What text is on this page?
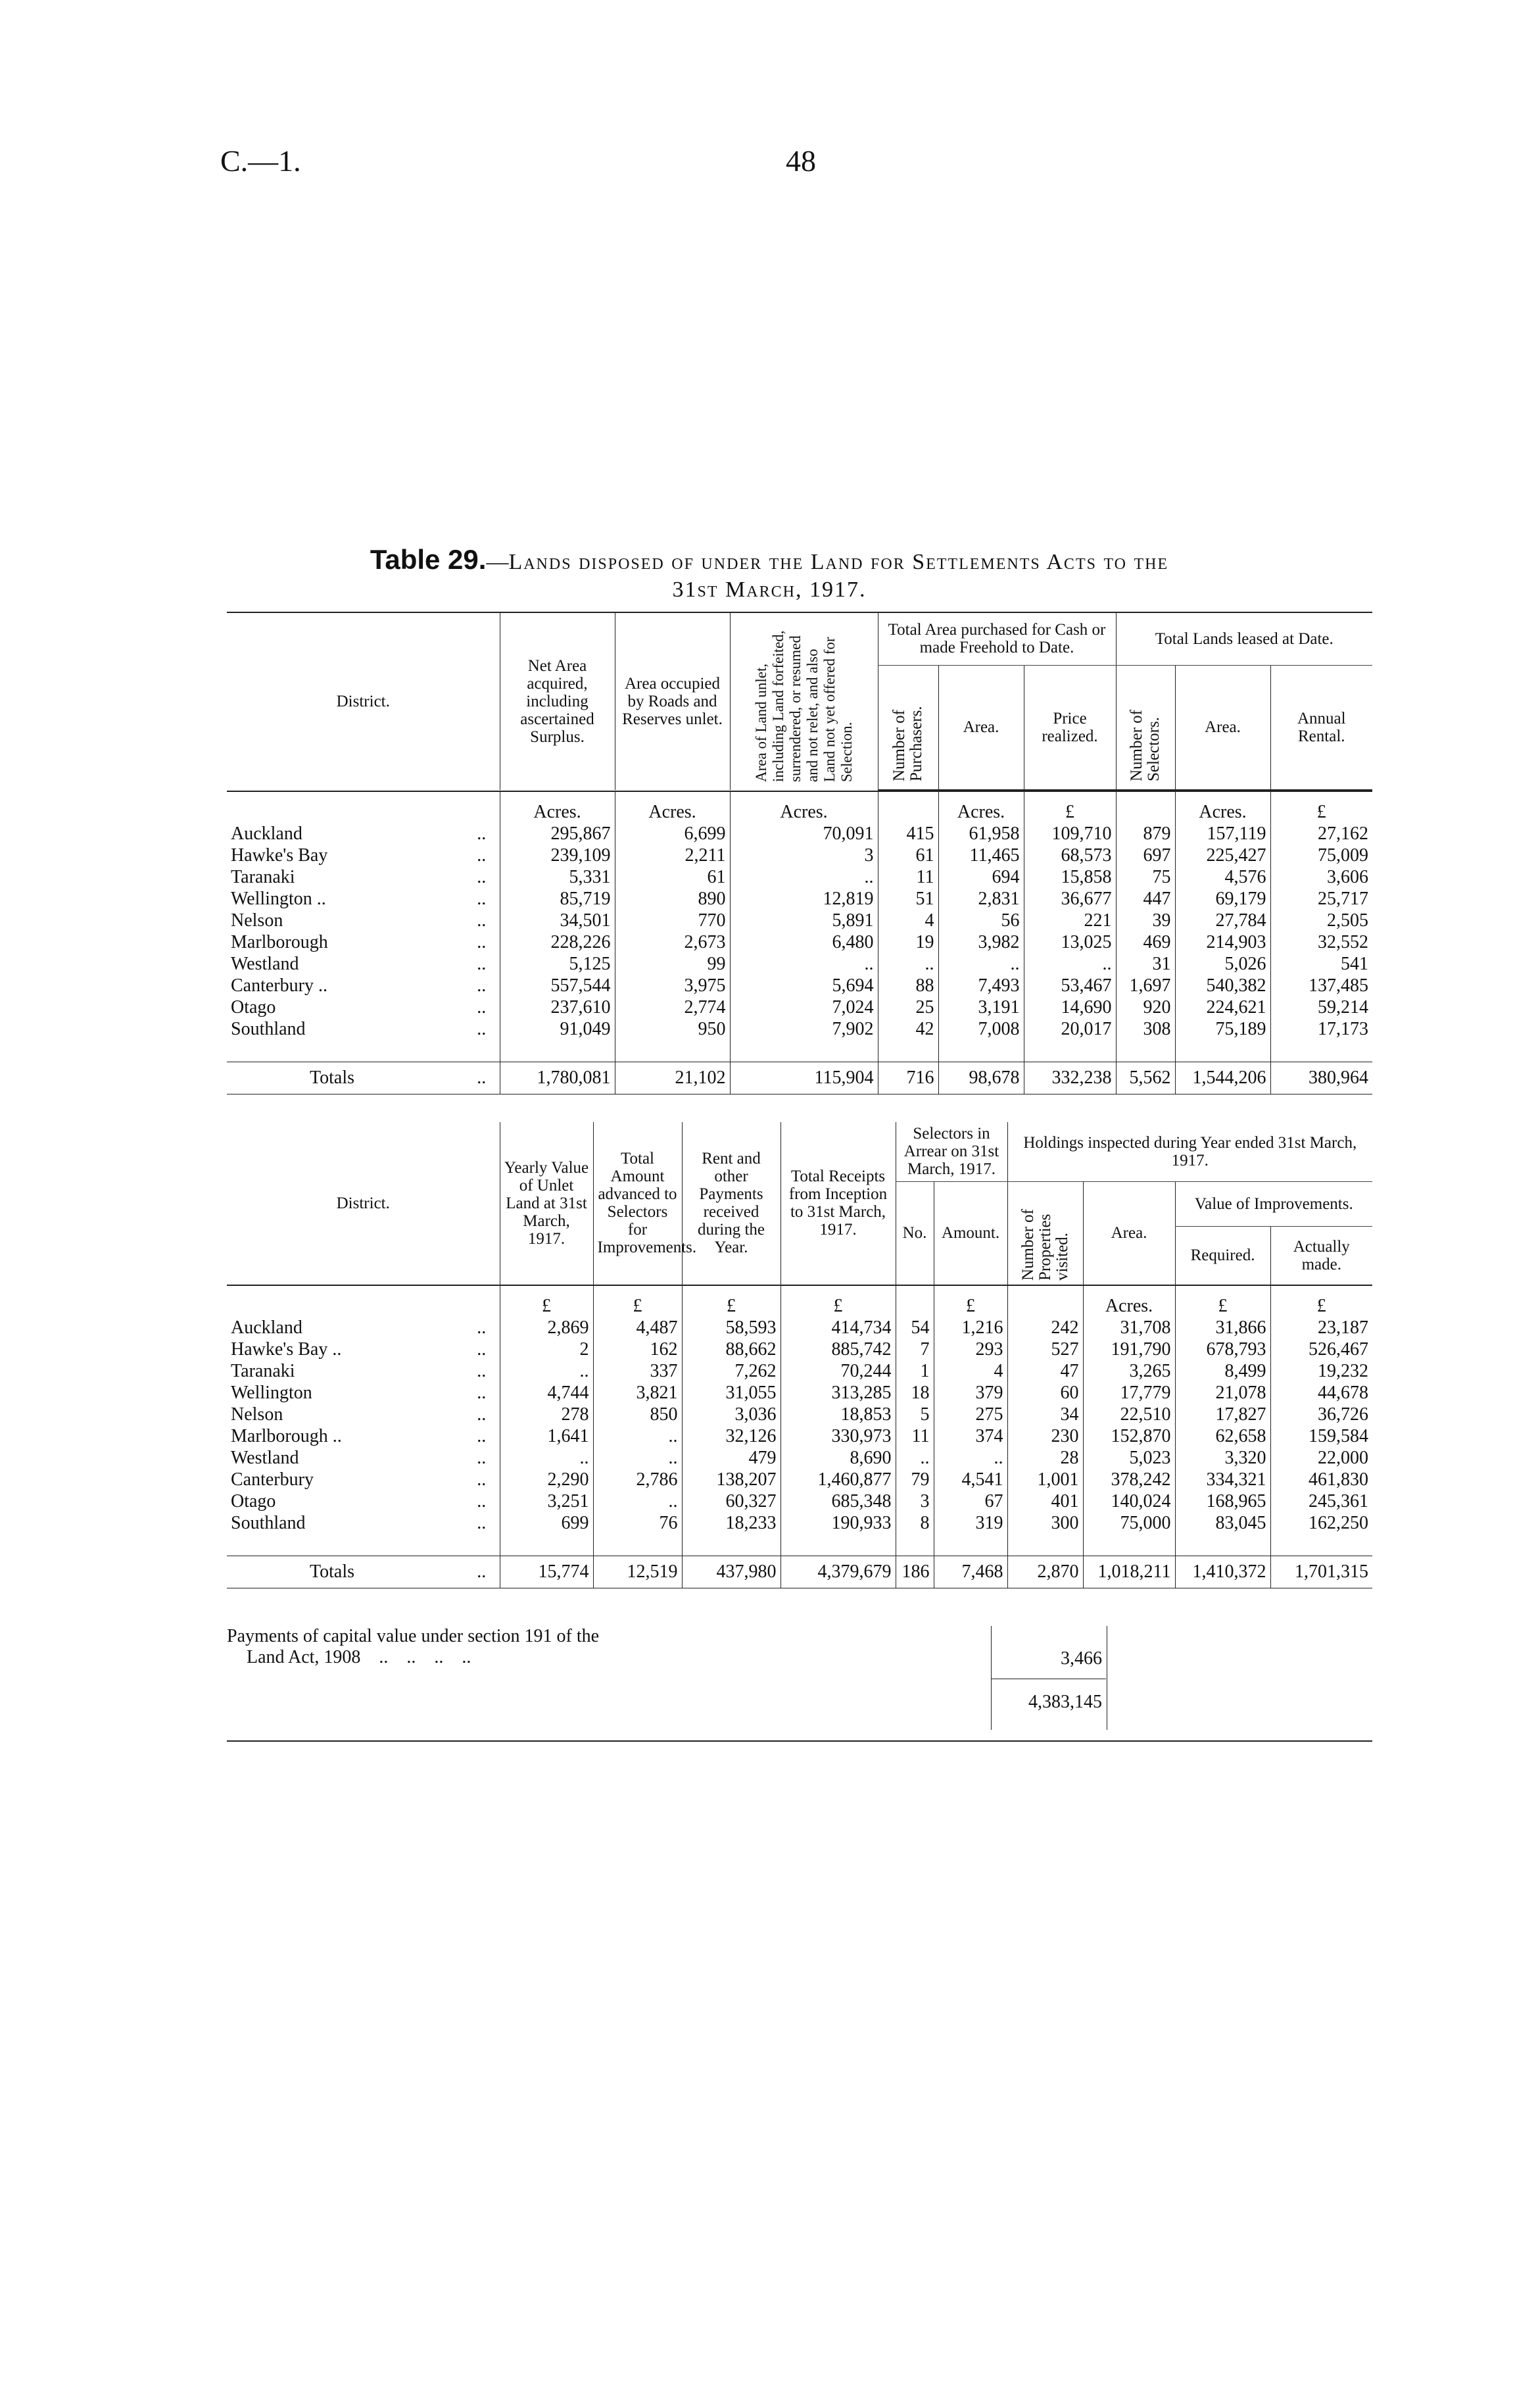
C.—1.	48
Table 29.—Lands disposed of under the Land for Settlements Acts to the
31st March, 1917.
District.		Net Area acquired, including ascertained Surplus.	Area occupied by Roads and Reserves unlet.	Area of Land unlet, including Land forfeited, surrendered, or resumed and not relet, and also Land not yet offered for Selection.	Total Area purchased for Cash or made Freehold to Date.			Total Lands leased at Date.		
					Number of Purchasers.	Area.	Price realized.	Number of Selectors.	Area.	Annual Rental.

		Acres.	Acres.	Acres.		Acres.	£		Acres.	£
Auckland	..	295,867	6,699	70,091	415	61,958	109,710	879	157,119	27,162
Hawke's Bay	..	239,109	2,211	3	61	11,465	68,573	697	225,427	75,009
Taranaki	..	5,331	61	..	11	694	15,858	75	4,576	3,606
Wellington ..	..	85,719	890	12,819	51	2,831	36,677	447	69,179	25,717
Nelson	..	34,501	770	5,891	4	56	221	39	27,784	2,505
Marlborough	..	228,226	2,673	6,480	19	3,982	13,025	469	214,903	32,552
Westland	..	5,125	99	..	..	..	..	31	5,026	541
Canterbury ..	..	557,544	3,975	5,694	88	7,493	53,467	1,697	540,382	137,485
Otago	..	237,610	2,774	7,024	25	3,191	14,690	920	224,621	59,214
Southland	..	91,049	950	7,902	42	7,008	20,017	308	75,189	17,173

Totals	..	1,780,081	21,102	115,904	716	98,678	332,238	5,562	1,544,206	380,964
District.		Yearly Value of Unlet Land at 31st March, 1917.	Total Amount advanced to Selectors for Improvements.	Rent and other Payments received during the Year.	Total Receipts from Inception to 31st March, 1917.	Selectors in Arrear on 31st March, 1917.		Holdings inspected during Year ended 31st March, 1917.			
						No.	Amount.	Number of Properties visited.	Area.	Value of Improvements.	
										Required.	Actually made.

		£	£	£	£		£		Acres.	£	£
Auckland	..	2,869	4,487	58,593	414,734	54	1,216	242	31,708	31,866	23,187
Hawke's Bay ..	..	2	162	88,662	885,742	7	293	527	191,790	678,793	526,467
Taranaki	..	..	337	7,262	70,244	1	4	47	3,265	8,499	19,232
Wellington	..	4,744	3,821	31,055	313,285	18	379	60	17,779	21,078	44,678
Nelson	..	278	850	3,036	18,853	5	275	34	22,510	17,827	36,726
Marlborough ..	..	1,641	..	32,126	330,973	11	374	230	152,870	62,658	159,584
Westland	..	..	..	479	8,690	..	..	28	5,023	3,320	22,000
Canterbury	..	2,290	2,786	138,207	1,460,877	79	4,541	1,001	378,242	334,321	461,830
Otago	..	3,251	..	60,327	685,348	3	67	401	140,024	168,965	245,361
Southland	..	699	76	18,233	190,933	8	319	300	75,000	83,045	162,250

Totals	..	15,774	12,519	437,980	4,379,679	186	7,468	2,870	1,018,211	1,410,372	1,701,315
Payments of capital value under section 191 of the
Land Act, 1908    ..    ..    ..    ..	3,466
4,383,145
